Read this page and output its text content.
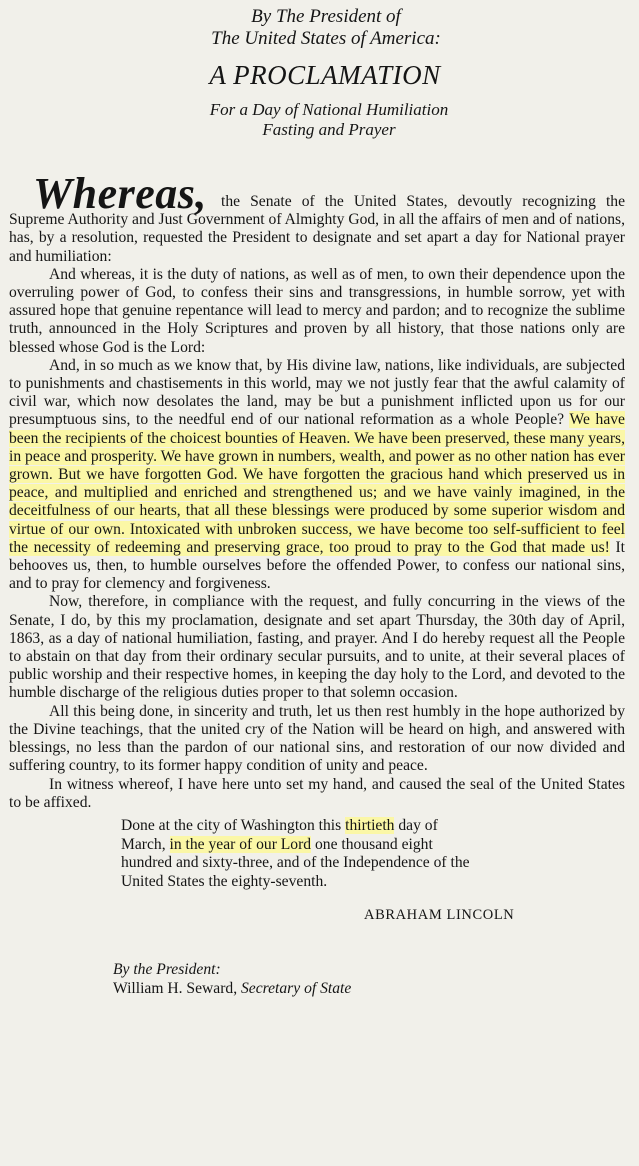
By The President of
The United States of America:
A PROCLAMATION
For a Day of National Humiliation
Fasting and Prayer

Whereas, the Senate of the United States, devoutly recognizing the Supreme Authority and Just Government of Almighty God, in all the affairs of men and of nations, has, by a resolution, requested the President to designate and set apart a day for National prayer and humiliation:

And whereas, it is the duty of nations, as well as of men, to own their dependence upon the overruling power of God, to confess their sins and transgressions, in humble sorrow, yet with assured hope that genuine repentance will lead to mercy and pardon; and to recognize the sublime truth, announced in the Holy Scriptures and proven by all history, that those nations only are blessed whose God is the Lord:

And, in so much as we know that, by His divine law, nations, like individuals, are subjected to punishments and chastisements in this world, may we not justly fear that the awful calamity of civil war, which now desolates the land, may be but a punishment inflicted upon us for our presumptuous sins, to the needful end of our national reformation as a whole People? We have been the recipients of the choicest bounties of Heaven. We have been preserved, these many years, in peace and prosperity. We have grown in numbers, wealth, and power as no other nation has ever grown. But we have forgotten God. We have forgotten the gracious hand which preserved us in peace, and multiplied and enriched and strengthened us; and we have vainly imagined, in the deceitfulness of our hearts, that all these blessings were produced by some superior wisdom and virtue of our own. Intoxicated with unbroken success, we have become too self-sufficient to feel the necessity of redeeming and preserving grace, too proud to pray to the God that made us! It behooves us, then, to humble ourselves before the offended Power, to confess our national sins, and to pray for clemency and forgiveness.

Now, therefore, in compliance with the request, and fully concurring in the views of the Senate, I do, by this my proclamation, designate and set apart Thursday, the 30th day of April, 1863, as a day of national humiliation, fasting, and prayer. And I do hereby request all the People to abstain on that day from their ordinary secular pursuits, and to unite, at their several places of public worship and their respective homes, in keeping the day holy to the Lord, and devoted to the humble discharge of the religious duties proper to that solemn occasion.

All this being done, in sincerity and truth, let us then rest humbly in the hope authorized by the Divine teachings, that the united cry of the Nation will be heard on high, and answered with blessings, no less than the pardon of our national sins, and restoration of our now divided and suffering country, to its former happy condition of unity and peace.

In witness whereof, I have here unto set my hand, and caused the seal of the United States to be affixed.

Done at the city of Washington this thirtieth day of March, in the year of our Lord one thousand eight hundred and sixty-three, and of the Independence of the United States the eighty-seventh.
ABRAHAM LINCOLN
By the President:
William H. Seward, Secretary of State
